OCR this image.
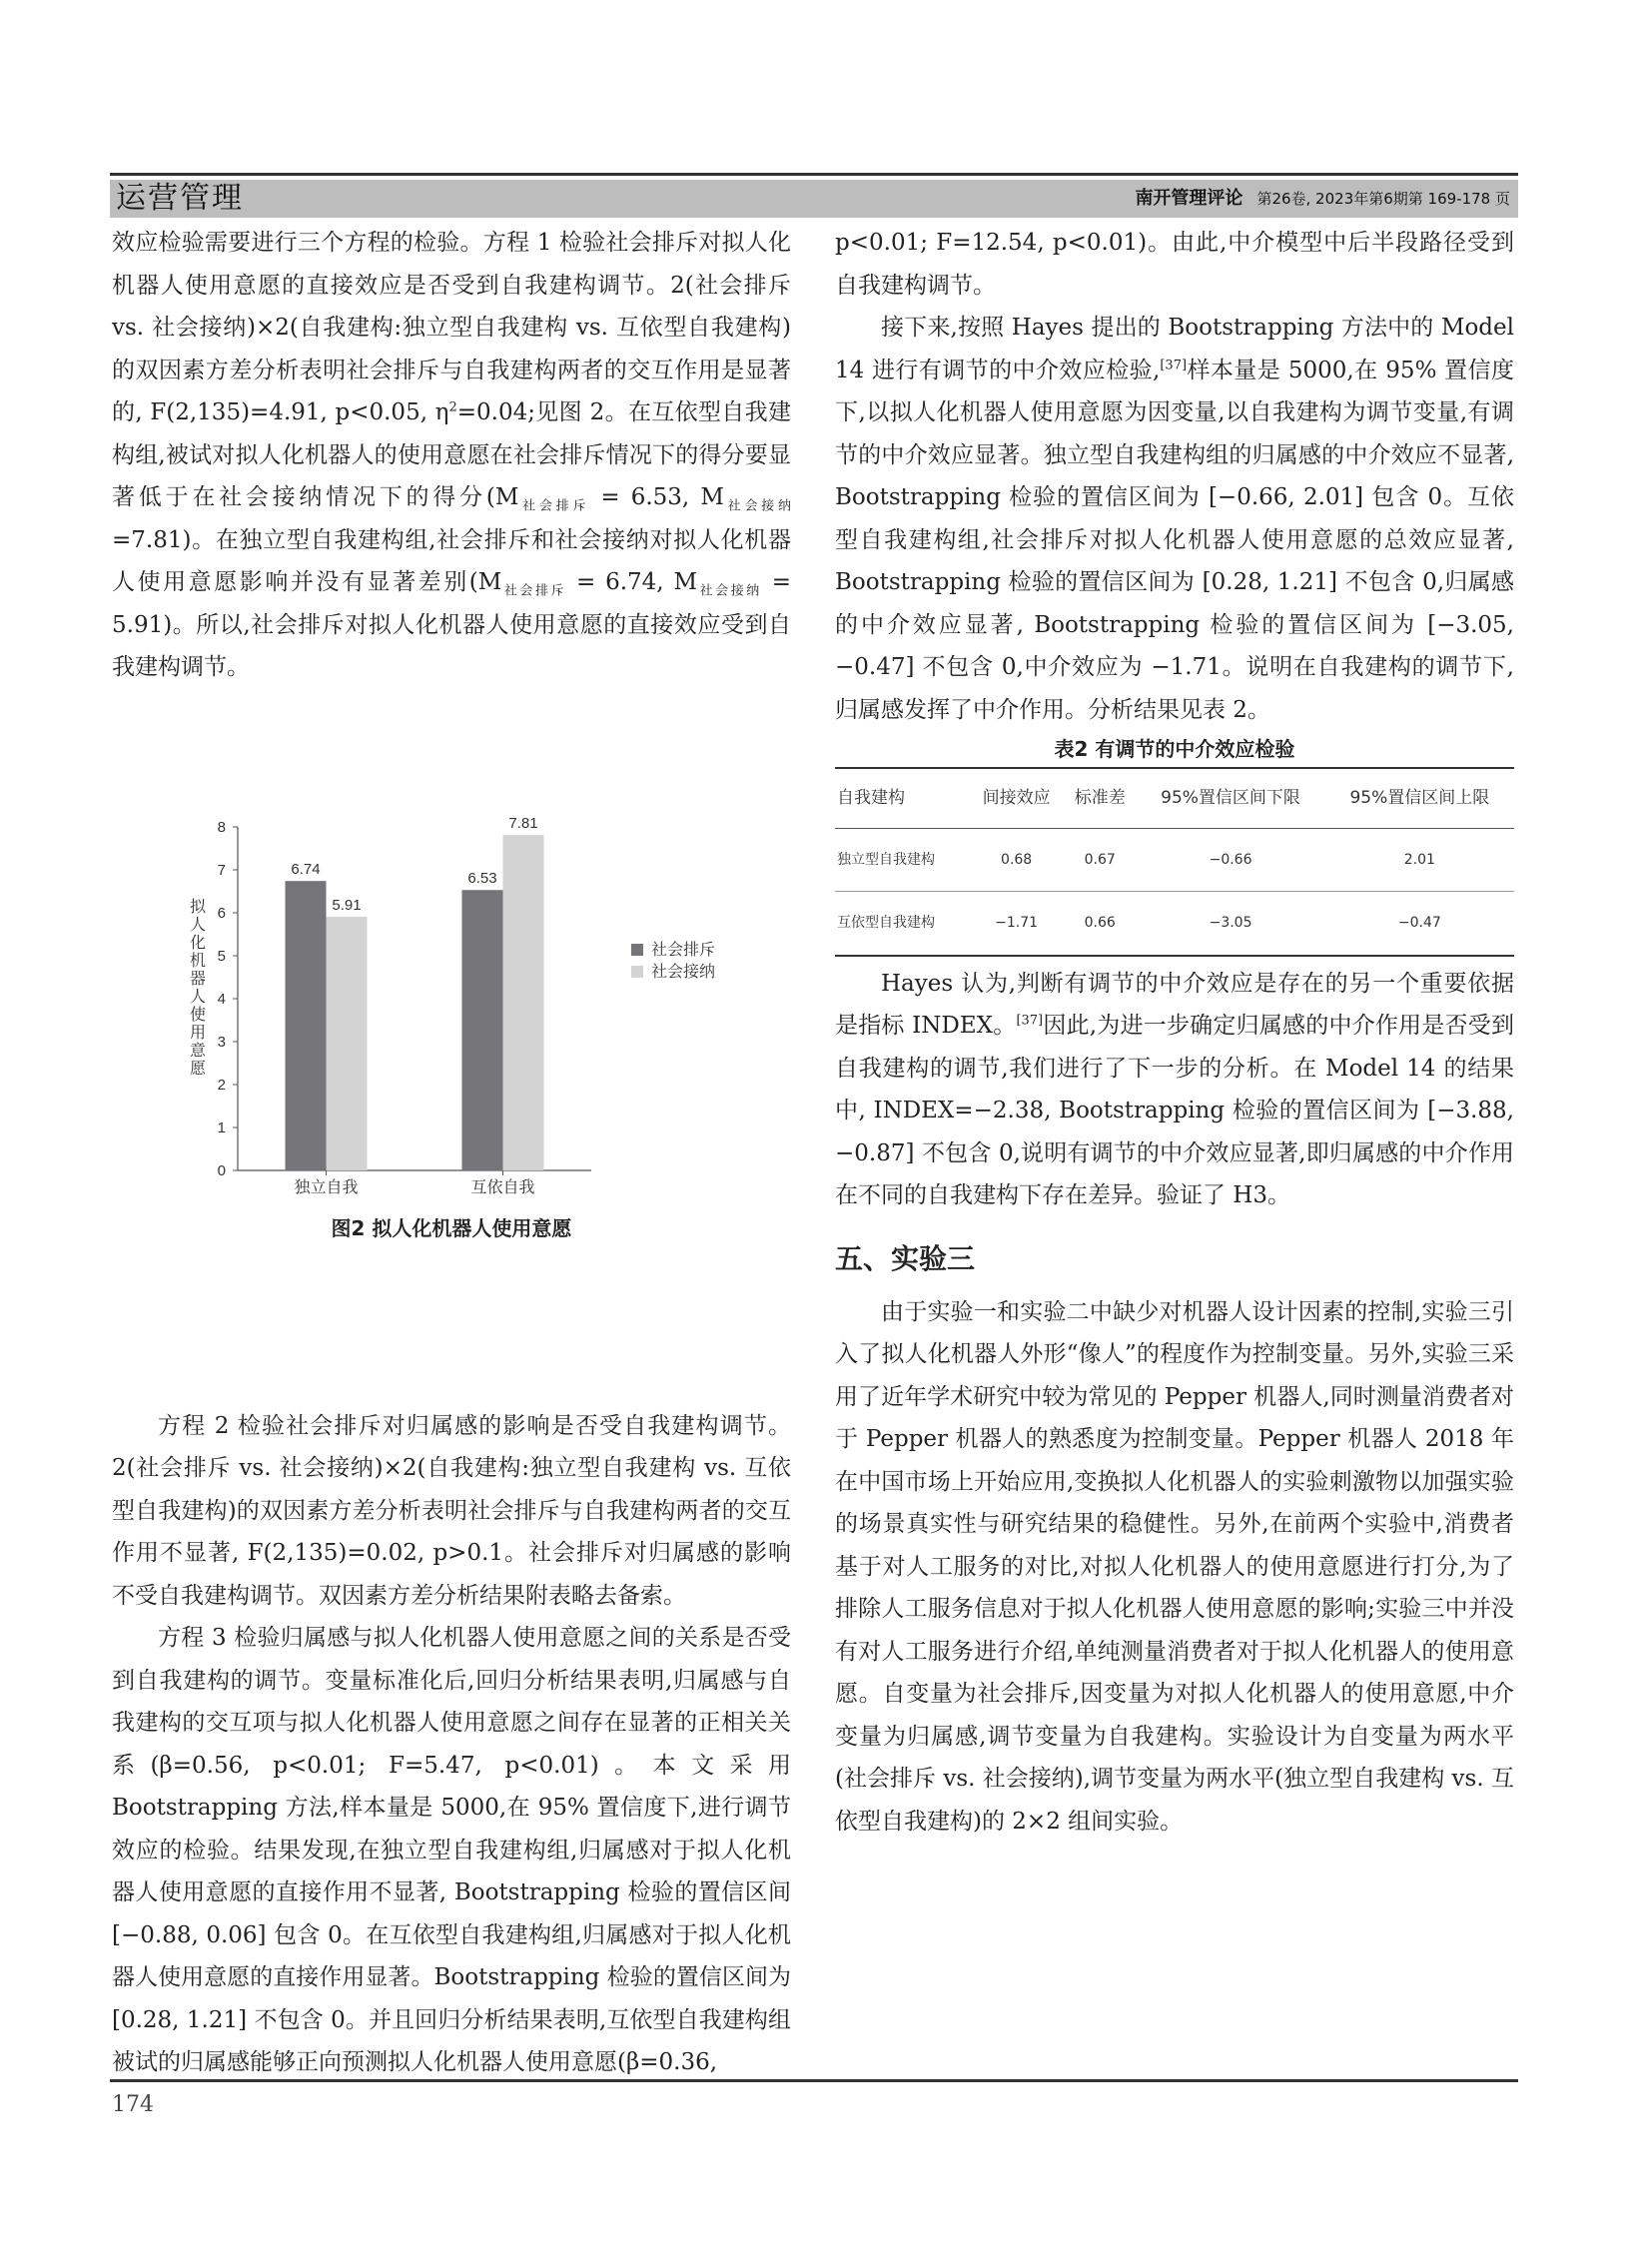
运营管理	南开管理评论 第26卷, 2023年第6期第 169-178 页

效应检验需要进行三个方程的检验。方程 1 检验社会排斥对拟人化机器人使用意愿的直接效应是否受到自我建构调节。2(社会排斥 vs. 社会接纳)×2(自我建构:独立型自我建构 vs. 互依型自我建构)的双因素方差分析表明社会排斥与自我建构两者的交互作用是显著的, F(2,135)=4.91, p<0.05, $\eta^2=0.04$;见图 2。在互依型自我建构组,被试对拟人化机器人的使用意愿在社会排斥情况下的得分要显著低于在社会接纳情况下的得分($M_{社会排斥} = 6.53$, $M_{社会接纳}=7.81$)。在独立型自我建构组,社会排斥和社会接纳对拟人化机器人使用意愿影响并没有显著差别($M_{社会排斥} = 6.74$, $M_{社会接纳} = 5.91$)。所以,社会排斥对拟人化机器人使用意愿的直接效应受到自我建构调节。

方程 2 检验社会排斥对归属感的影响是否受自我建构调节。2(社会排斥 vs. 社会接纳)×2(自我建构:独立型自我建构 vs. 互依型自我建构)的双因素方差分析表明社会排斥与自我建构两者的交互作用不显著, F(2,135)=0.02, p>0.1。社会排斥对归属感的影响不受自我建构调节。双因素方差分析结果附表略去备索。

方程 3 检验归属感与拟人化机器人使用意愿之间的关系是否受到自我建构的调节。变量标准化后,回归分析结果表明,归属感与自我建构的交互项与拟人化机器人使用意愿之间存在显著的正相关关系(β=0.56, p<0.01; F=5.47, p<0.01)。本文采用 Bootstrapping 方法,样本量是 5000,在 95% 置信度下,进行调节效应的检验。结果发现,在独立型自我建构组,归属感对于拟人化机器人使用意愿的直接作用不显著, Bootstrapping 检验的置信区间 [−0.88, 0.06] 包含 0。在互依型自我建构组,归属感对于拟人化机器人使用意愿的直接作用显著。Bootstrapping 检验的置信区间为 [0.28, 1.21] 不包含 0。并且回归分析结果表明,互依型自我建构组被试的归属感能够正向预测拟人化机器人使用意愿(β=0.36,

0
1
2
3
4
5
6
7
8
拟人化机器人使用意愿
6.74
5.91
独立自我
6.53
7.81
互依自我
社会排斥
社会接纳
图2 拟人化机器人使用意愿

p<0.01; F=12.54, p<0.01)。由此,中介模型中后半段路径受到自我建构调节。

接下来,按照 Hayes 提出的 Bootstrapping 方法中的 Model 14 进行有调节的中介效应检验,[37]样本量是 5000,在 95% 置信度下,以拟人化机器人使用意愿为因变量,以自我建构为调节变量,有调节的中介效应显著。独立型自我建构组的归属感的中介效应不显著, Bootstrapping 检验的置信区间为 [−0.66, 2.01] 包含 0。互依型自我建构组,社会排斥对拟人化机器人使用意愿的总效应显著, Bootstrapping 检验的置信区间为 [0.28, 1.21] 不包含 0,归属感的中介效应显著, Bootstrapping 检验的置信区间为 [−3.05, −0.47] 不包含 0,中介效应为 −1.71。说明在自我建构的调节下,归属感发挥了中介作用。分析结果见表 2。

表2 有调节的中介效应检验
自我建构	间接效应	标准差	95%置信区间下限	95%置信区间上限
独立型自我建构	0.68	0.67	−0.66	2.01
互依型自我建构	−1.71	0.66	−3.05	−0.47

Hayes 认为,判断有调节的中介效应是存在的另一个重要依据是指标 INDEX。[37]因此,为进一步确定归属感的中介作用是否受到自我建构的调节,我们进行了下一步的分析。在 Model 14 的结果中, INDEX=−2.38, Bootstrapping 检验的置信区间为 [−3.88, −0.87] 不包含 0,说明有调节的中介效应显著,即归属感的中介作用在不同的自我建构下存在差异。验证了 H3。

五、实验三

由于实验一和实验二中缺少对机器人设计因素的控制,实验三引入了拟人化机器人外形“像人”的程度作为控制变量。另外,实验三采用了近年学术研究中较为常见的 Pepper 机器人,同时测量消费者对于 Pepper 机器人的熟悉度为控制变量。Pepper 机器人 2018 年在中国市场上开始应用,变换拟人化机器人的实验刺激物以加强实验的场景真实性与研究结果的稳健性。另外,在前两个实验中,消费者基于对人工服务的对比,对拟人化机器人的使用意愿进行打分,为了排除人工服务信息对于拟人化机器人使用意愿的影响;实验三中并没有对人工服务进行介绍,单纯测量消费者对于拟人化机器人的使用意愿。自变量为社会排斥,因变量为对拟人化机器人的使用意愿,中介变量为归属感,调节变量为自我建构。实验设计为自变量为两水平(社会排斥 vs. 社会接纳),调节变量为两水平(独立型自我建构 vs. 互依型自我建构)的 2×2 组间实验。

174
